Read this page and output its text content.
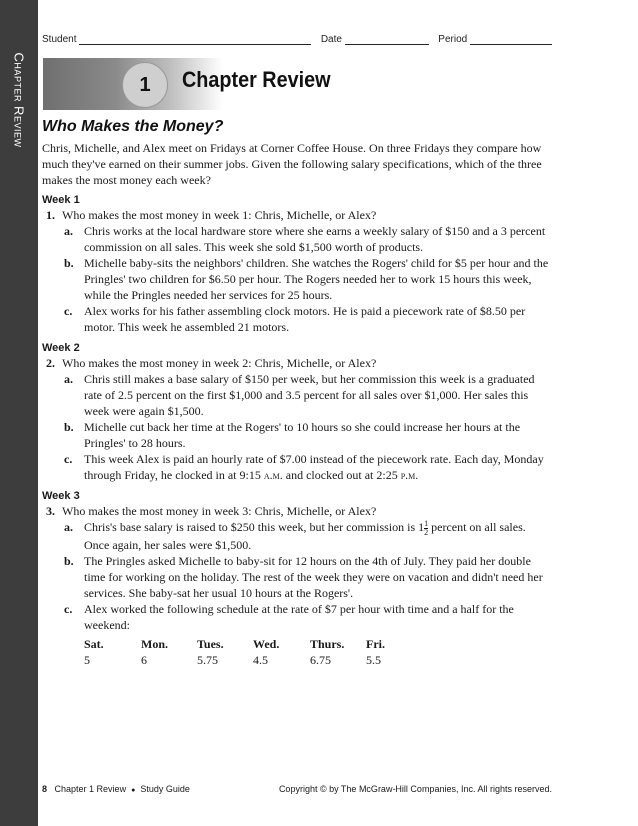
Chapter Review
Student	Date	Period
1 Chapter Review
Who Makes the Money?
Chris, Michelle, and Alex meet on Fridays at Corner Coffee House. On three Fridays they compare how much they've earned on their summer jobs. Given the following salary specifications, which of the three makes the most money each week?

Week 1

1. Who makes the most money in week 1: Chris, Michelle, or Alex?

a. Chris works at the local hardware store where she earns a weekly salary of $150 and a 3 percent commission on all sales. This week she sold $1,500 worth of products.

b. Michelle baby-sits the neighbors' children. She watches the Rogers' child for $5 per hour and the Pringles' two children for $6.50 per hour. The Rogers needed her to work 15 hours this week, while the Pringles needed her services for 25 hours.

c. Alex works for his father assembling clock motors. He is paid a piecework rate of $8.50 per motor. This week he assembled 21 motors.

Week 2

2. Who makes the most money in week 2: Chris, Michelle, or Alex?

a. Chris still makes a base salary of $150 per week, but her commission this week is a graduated rate of 2.5 percent on the first $1,000 and 3.5 percent for all sales over $1,000. Her sales this week were again $1,500.

b. Michelle cut back her time at the Rogers' to 10 hours so she could increase her hours at the Pringles' to 28 hours.

c. This week Alex is paid an hourly rate of $7.00 instead of the piecework rate. Each day, Monday through Friday, he clocked in at 9:15 a.m. and clocked out at 2:25 p.m.

Week 3

3. Who makes the most money in week 3: Chris, Michelle, or Alex?

a. Chris's base salary is raised to $250 this week, but her commission is $1 \frac{1}{2}$ percent on all sales. Once again, her sales were $1,500.

b. The Pringles asked Michelle to baby-sit for 12 hours on the 4th of July. They paid her double time for working on the holiday. The rest of the week they were on vacation and didn't need her services. She baby-sat her usual 10 hours at the Rogers'.

c. Alex worked the following schedule at the rate of $7 per hour with time and a half for the weekend:

Sat.	Mon.	Tues.	Wed.	Thurs.	Fri.
5	6	5.75	4.5	6.75	5.5
8 Chapter 1 Review ● Study Guide	Copyright © by The McGraw-Hill Companies, Inc. All rights reserved.
